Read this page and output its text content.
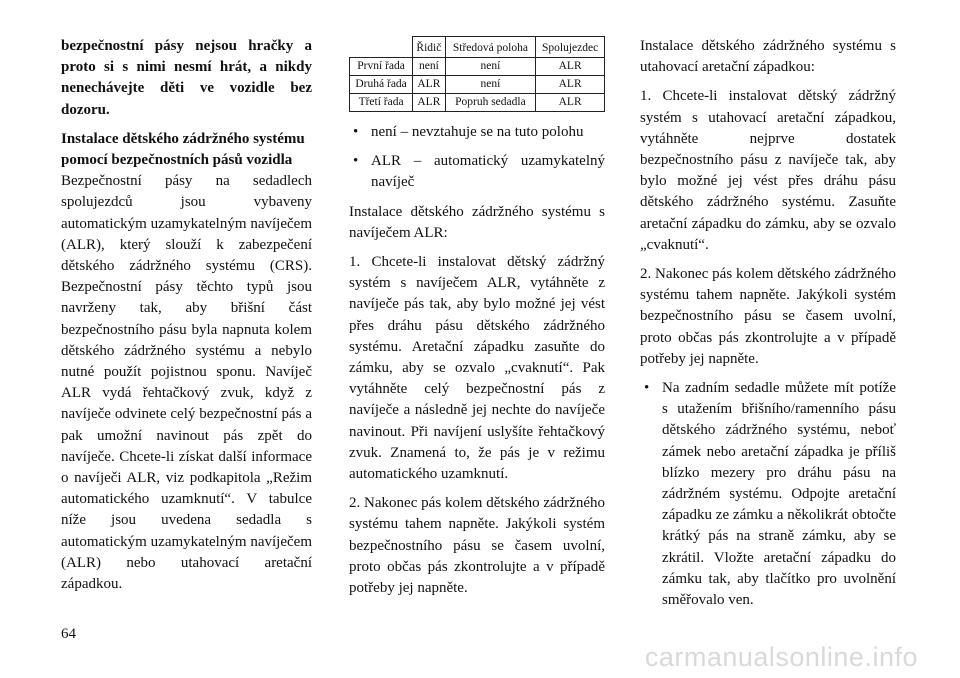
bezpečnostní pásy nejsou hračky a proto si s nimi nesmí hrát, a nikdy nenechávejte děti ve vozidle bez dozoru.

Instalace dětského zádržného systému pomocí bezpečnostních pásů vozidla

Bezpečnostní pásy na sedadlech spolujezdců jsou vybaveny automatickým uzamykatelným navíječem (ALR), který slouží k zabezpečení dětského zádržného systému (CRS). Bezpečnostní pásy těchto typů jsou navrženy tak, aby břišní část bezpečnostního pásu byla napnuta kolem dětského zádržného systému a nebylo nutné použít pojistnou sponu. Navíječ ALR vydá řehtačkový zvuk, když z navíječe odvinete celý bezpečnostní pás a pak umožní navinout pás zpět do navíječe. Chcete-li získat další informace o navíječi ALR, viz podkapitola „Režim automatického uzamknutí“. V tabulce níže jsou uvedena sedadla s automatickým uzamykatelným navíječem (ALR) nebo utahovací aretační západkou.

	Řidič	Středová poloha	Spolujezdec
První řada	není	není	ALR
Druhá řada	ALR	není	ALR
Třetí řada	ALR	Popruh sedadla	ALR
• není – nevztahuje se na tuto polohu
• ALR – automatický uzamykatelný navíječ

Instalace dětského zádržného systému s navíječem ALR:

1. Chcete-li instalovat dětský zádržný systém s navíječem ALR, vytáhněte z navíječe pás tak, aby bylo možné jej vést přes dráhu pásu dětského zádržného systému. Aretační západku zasuňte do zámku, aby se ozvalo „cvaknutí“. Pak vytáhněte celý bezpečnostní pás z navíječe a následně jej nechte do navíječe navinout. Při navíjení uslyšíte řehtačkový zvuk. Znamená to, že pás je v režimu automatického uzamknutí.

2. Nakonec pás kolem dětského zádržného systému tahem napněte. Jakýkoli systém bezpečnostního pásu se časem uvolní, proto občas pás zkontrolujte a v případě potřeby jej napněte.

Instalace dětského zádržného systému s utahovací aretační západkou:

1. Chcete-li instalovat dětský zádržný systém s utahovací aretační západkou, vytáhněte nejprve dostatek bezpečnostního pásu z navíječe tak, aby bylo možné jej vést přes dráhu pásu dětského zádržného systému. Zasuňte aretační západku do zámku, aby se ozvalo „cvaknutí“.

2. Nakonec pás kolem dětského zádržného systému tahem napněte. Jakýkoli systém bezpečnostního pásu se časem uvolní, proto občas pás zkontrolujte a v případě potřeby jej napněte.

• Na zadním sedadle můžete mít potíže s utažením břišního/ramenního pásu dětského zádržného systému, neboť zámek nebo aretační západka je příliš blízko mezery pro dráhu pásu na zádržném systému. Odpojte aretační západku ze zámku a několikrát obtočte krátký pás na straně zámku, aby se zkrátil. Vložte aretační západku do zámku tak, aby tlačítko pro uvolnění směřovalo ven.
64
carmanualsonline.info
